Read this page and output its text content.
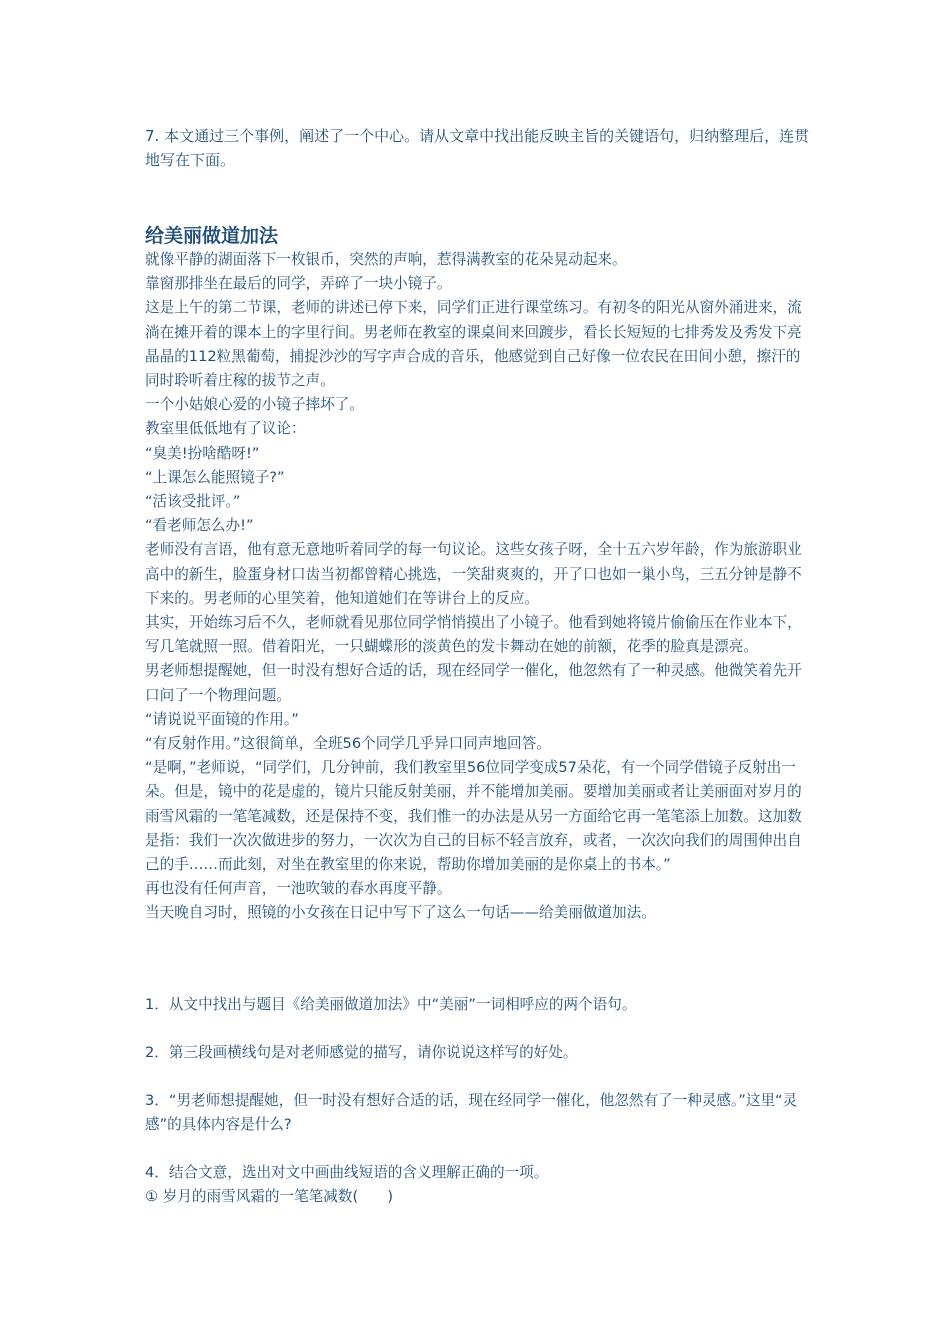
7. 本文通过三个事例，阐述了一个中心。请从文章中找出能反映主旨的关键语句，归纳整理后，连贯地写在下面。
给美丽做道加法

就像平静的湖面落下一枚银币，突然的声响，惹得满教室的花朵晃动起来。

靠窗那排坐在最后的同学，弄碎了一块小镜子。

这是上午的第二节课，老师的讲述已停下来，同学们正进行课堂练习。有初冬的阳光从窗外涌进来，流淌在摊开着的课本上的字里行间。男老师在教室的课桌间来回踱步，看长长短短的七排秀发及秀发下亮晶晶的112粒黑葡萄，捕捉沙沙的写字声合成的音乐，他感觉到自己好像一位农民在田间小憩，擦汗的同时聆听着庄稼的拔节之声。

一个小姑娘心爱的小镜子摔坏了。

教室里低低地有了议论：

“臭美!扮啥酷呀!”

“上课怎么能照镜子?”

“活该受批评。”

“看老师怎么办!”

老师没有言语，他有意无意地听着同学的每一句议论。这些女孩子呀，全十五六岁年龄，作为旅游职业高中的新生，脸蛋身材口齿当初都曾精心挑选，一笑甜爽爽的，开了口也如一巢小鸟，三五分钟是静不下来的。男老师的心里笑着，他知道她们在等讲台上的反应。

其实，开始练习后不久，老师就看见那位同学悄悄摸出了小镜子。他看到她将镜片偷偷压在作业本下，写几笔就照一照。借着阳光，一只蝴蝶形的淡黄色的发卡舞动在她的前额，花季的脸真是漂亮。

男老师想提醒她，但一时没有想好合适的话，现在经同学一催化，他忽然有了一种灵感。他微笑着先开口问了一个物理问题。

“请说说平面镜的作用。”

“有反射作用。”这很简单，全班56个同学几乎异口同声地回答。

“是啊，”老师说，“同学们，几分钟前，我们教室里56位同学变成57朵花，有一个同学借镜子反射出一朵。但是，镜中的花是虚的，镜片只能反射美丽，并不能增加美丽。要增加美丽或者让美丽面对岁月的雨雪风霜的一笔笔减数，还是保持不变，我们惟一的办法是从另一方面给它再一笔笔添上加数。这加数是指：我们一次次做进步的努力，一次次为自己的目标不轻言放弃，或者，一次次向我们的周围伸出自己的手……而此刻，对坐在教室里的你来说，帮助你增加美丽的是你桌上的书本。”

再也没有任何声音，一池吹皱的春水再度平静。

当天晚自习时，照镜的小女孩在日记中写下了这么一句话——给美丽做道加法。

1．从文中找出与题目《给美丽做道加法》中“美丽”一词相呼应的两个语句。

2．第三段画横线句是对老师感觉的描写，请你说说这样写的好处。

3．“男老师想提醒她，但一时没有想好合适的话，现在经同学一催化，他忽然有了一种灵感。”这里“灵感”的具体内容是什么?

4．结合文意，选出对文中画曲线短语的含义理解正确的一项。

① 岁月的雨雪风霜的一笔笔减数(　　)
